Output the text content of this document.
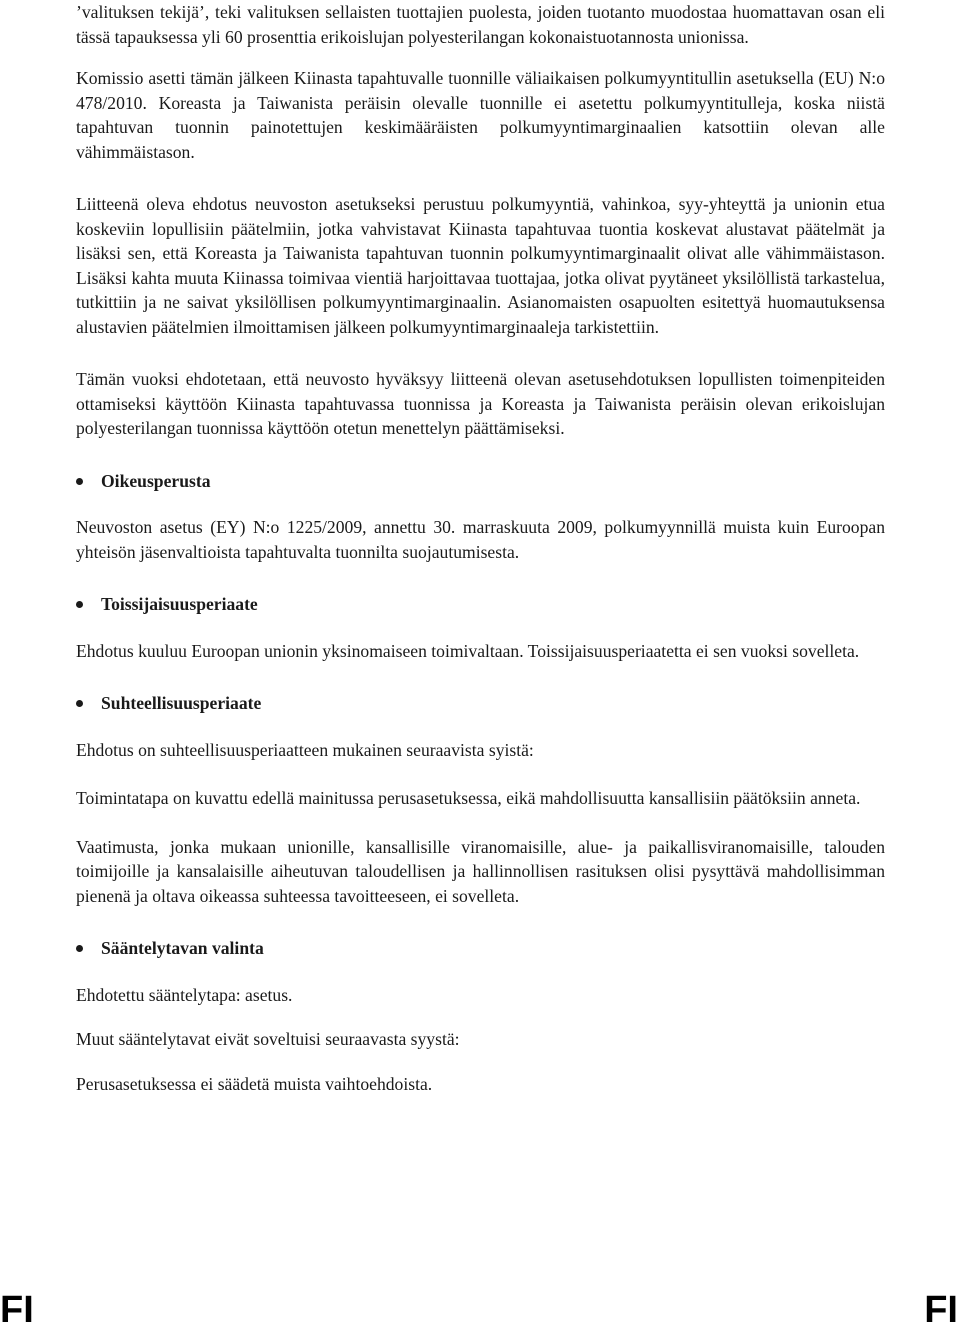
’valituksen tekijä’, teki valituksen sellaisten tuottajien puolesta, joiden tuotanto muodostaa huomattavan osan eli tässä tapauksessa yli 60 prosenttia erikoislujan polyesterilangan kokonaistuotannosta unionissa.

Komissio asetti tämän jälkeen Kiinasta tapahtuvalle tuonnille väliaikaisen polkumyyntitullin asetuksella (EU) N:o 478/2010. Koreasta ja Taiwanista peräisin olevalle tuonnille ei asetettu polkumyyntitulleja, koska niistä tapahtuvan tuonnin painotettujen keskimääräisten polkumyyntimarginaalien katsottiin olevan alle vähimmäistason.

Liitteenä oleva ehdotus neuvoston asetukseksi perustuu polkumyyntiä, vahinkoa, syy-yhteyttä ja unionin etua koskeviin lopullisiin päätelmiin, jotka vahvistavat Kiinasta tapahtuvaa tuontia koskevat alustavat päätelmät ja lisäksi sen, että Koreasta ja Taiwanista tapahtuvan tuonnin polkumyyntimarginaalit olivat alle vähimmäistason. Lisäksi kahta muuta Kiinassa toimivaa vientiä harjoittavaa tuottajaa, jotka olivat pyytäneet yksilöllistä tarkastelua, tutkittiin ja ne saivat yksilöllisen polkumyyntimarginaalin. Asianomaisten osapuolten esitettyä huomautuksensa alustavien päätelmien ilmoittamisen jälkeen polkumyyntimarginaaleja tarkistettiin.

Tämän vuoksi ehdotetaan, että neuvosto hyväksyy liitteenä olevan asetusehdotuksen lopullisten toimenpiteiden ottamiseksi käyttöön Kiinasta tapahtuvassa tuonnissa ja Koreasta ja Taiwanista peräisin olevan erikoislujan polyesterilangan tuonnissa käyttöön otetun menettelyn päättämiseksi.

Oikeusperusta

Neuvoston asetus (EY) N:o 1225/2009, annettu 30. marraskuuta 2009, polkumyynnillä muista kuin Euroopan yhteisön jäsenvaltioista tapahtuvalta tuonnilta suojautumisesta.

Toissijaisuusperiaate

Ehdotus kuuluu Euroopan unionin yksinomaiseen toimivaltaan. Toissijaisuusperiaatetta ei sen vuoksi sovelleta.

Suhteellisuusperiaate

Ehdotus on suhteellisuusperiaatteen mukainen seuraavista syistä:

Toimintatapa on kuvattu edellä mainitussa perusasetuksessa, eikä mahdollisuutta kansallisiin päätöksiin anneta.

Vaatimusta, jonka mukaan unionille, kansallisille viranomaisille, alue- ja paikallisviranomaisille, talouden toimijoille ja kansalaisille aiheutuvan taloudellisen ja hallinnollisen rasituksen olisi pysyttävä mahdollisimman pienenä ja oltava oikeassa suhteessa tavoitteeseen, ei sovelleta.

Sääntelytavan valinta

Ehdotettu sääntelytapa: asetus.

Muut sääntelytavat eivät soveltuisi seuraavasta syystä:

Perusasetuksessa ei säädetä muista vaihtoehdoista.

FI	FI
